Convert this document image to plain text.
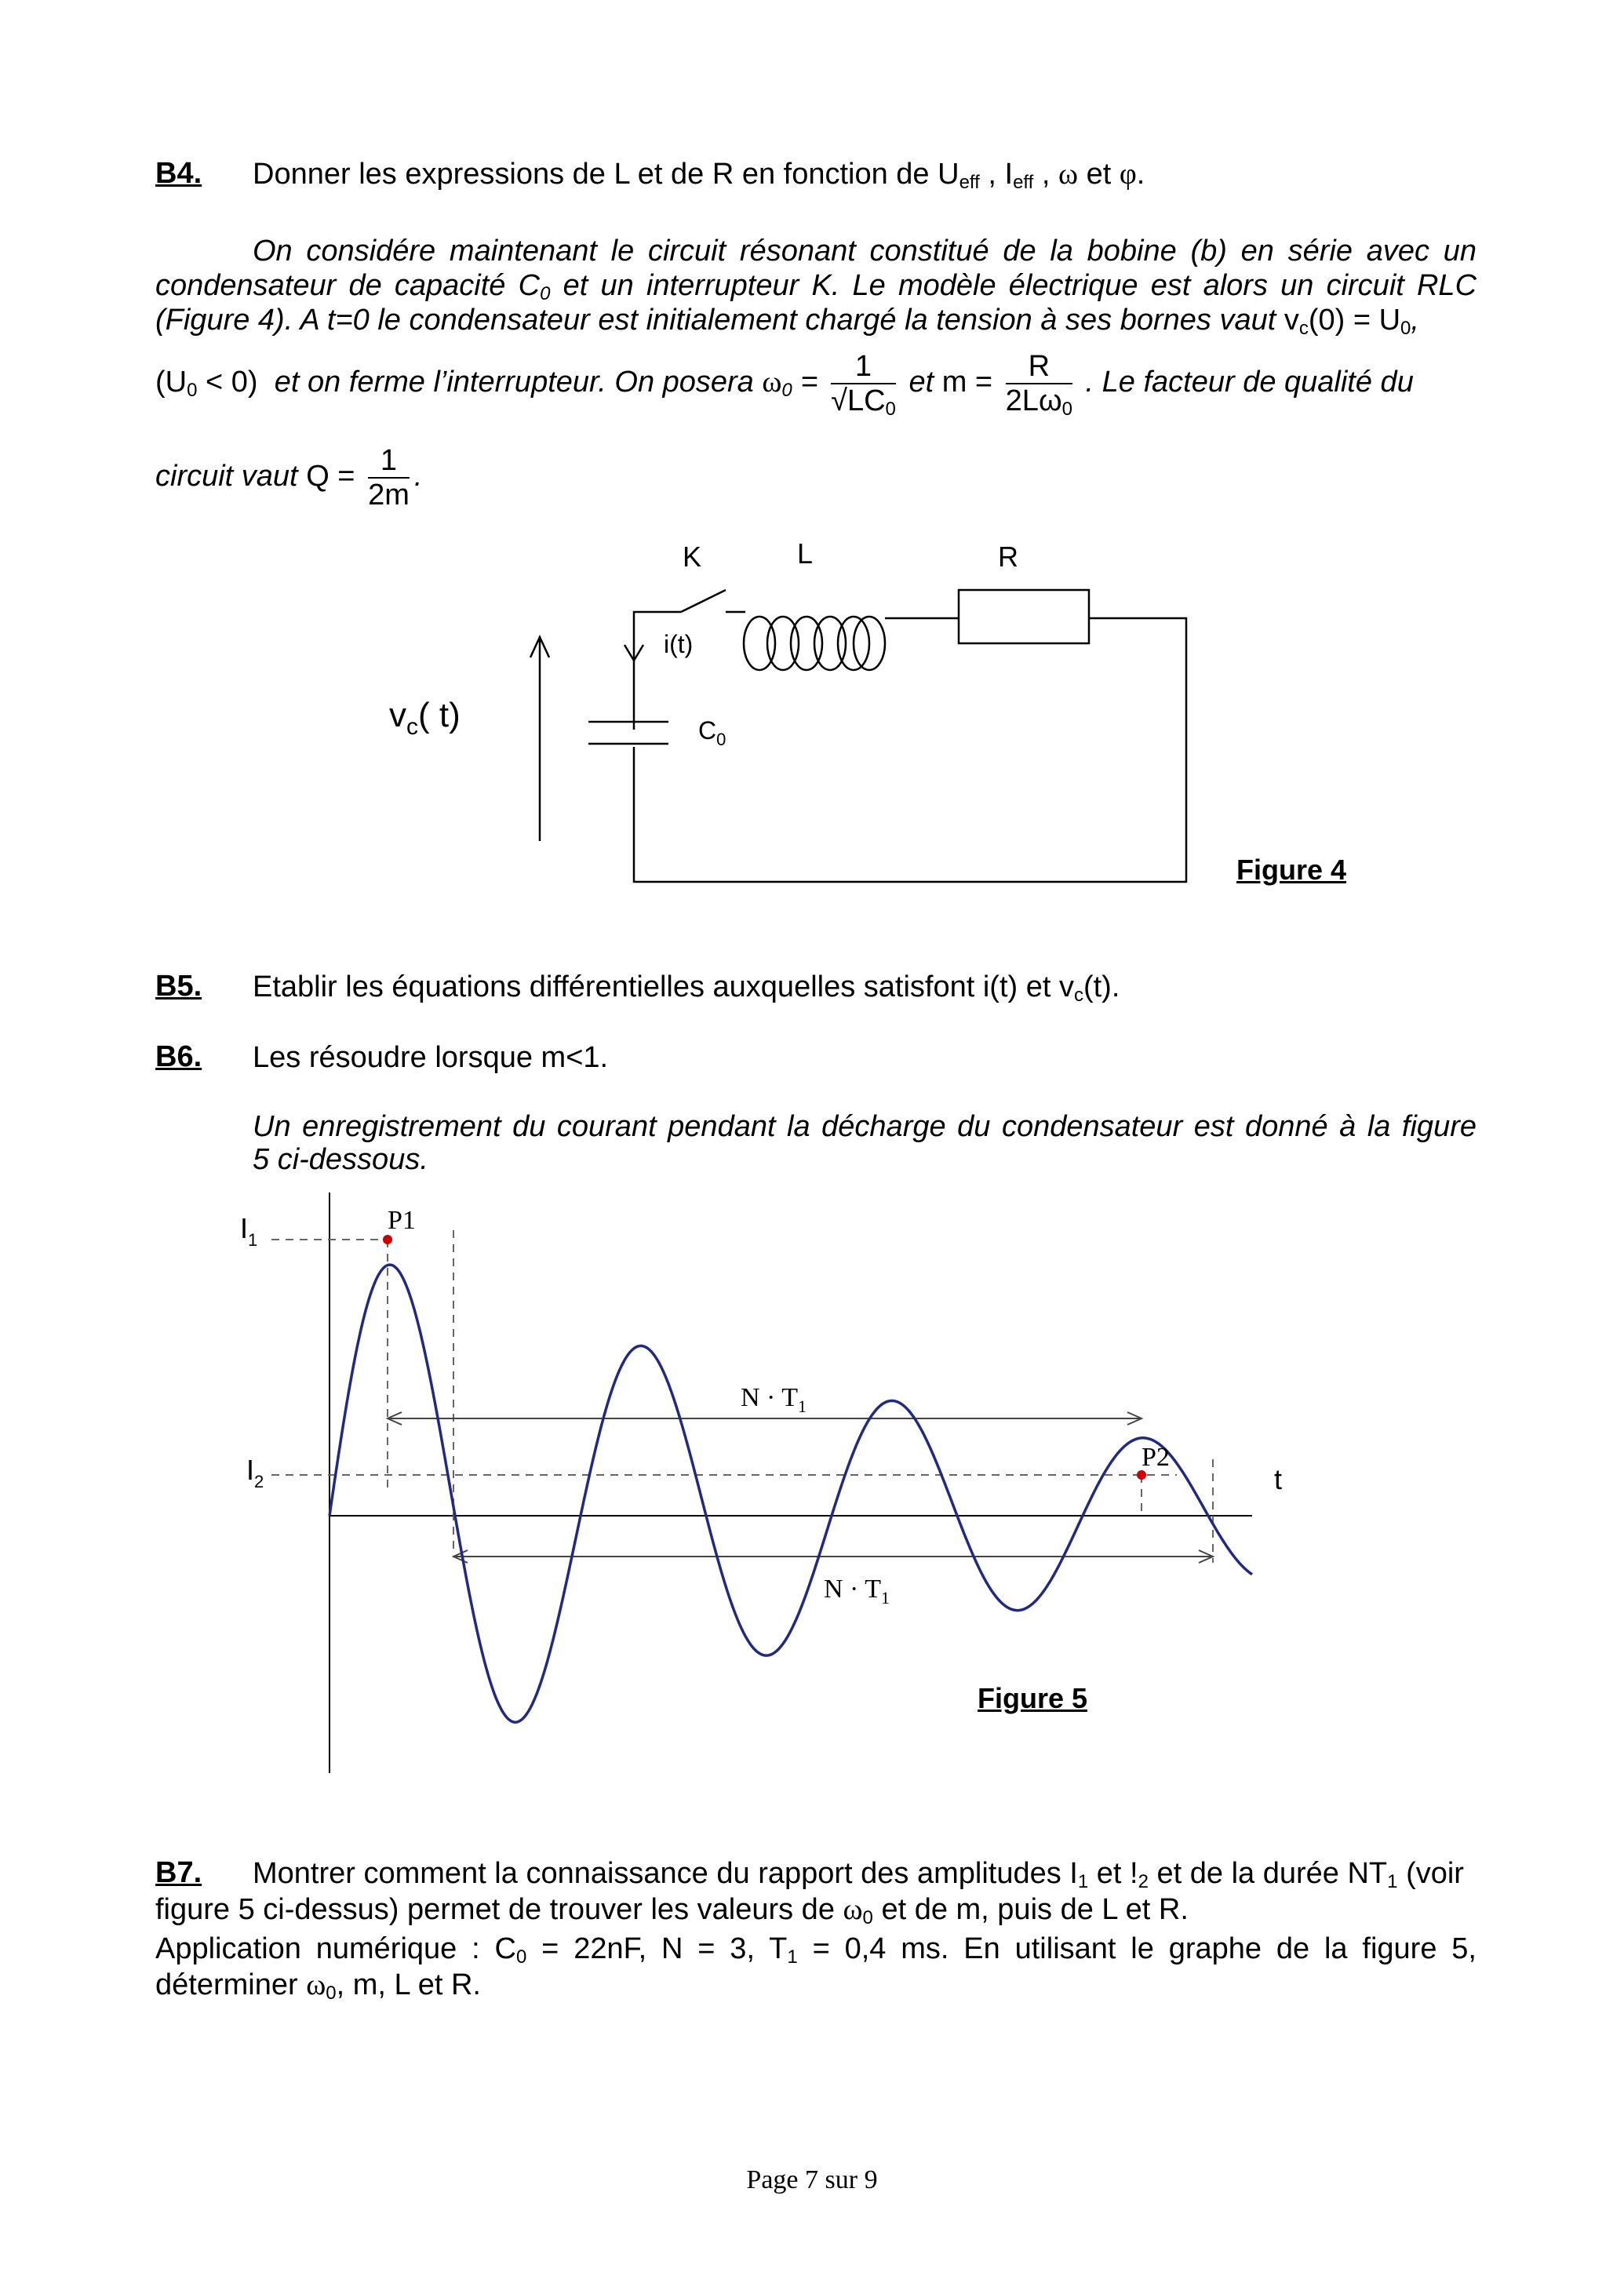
B4. Donner les expressions de L et de R en fonction de $U_{eff}$ , $I_{eff}$ , ω et φ.
On considére maintenant le circuit résonant constitué de la bobine (b) en série avec un
condensateur de capacité $C_0$ et un interrupteur K. Le modèle électrique est alors un circuit RLC
(Figure 4). A t=0 le condensateur est initialement chargé la tension à ses bornes vaut $v_c(0) = U_0$,
$(U_0 < 0)$ et on ferme l’interrupteur. On posera $\omega_0 = \frac{1}{√LC_0}$ et $m = \frac{R}{2L\omega_0}$ . Le facteur de qualité du
circuit vaut $Q = \frac{1}{2m}$ .
K	L	R
i(t)
$C_0$
$v_c$( t)
Figure 4
B5. Etablir les équations différentielles auxquelles satisfont i(t) et $v_c(t)$.
B6. Les résoudre lorsque m<1.
Un enregistrement du courant pendant la décharge du condensateur est donné à la figure
5 ci-dessous.
$I_1$
$I_2$
P1
P2
t
$N \cdot T_1$
$N \cdot T_1$
Figure 5
B7. Montrer comment la connaissance du rapport des amplitudes $I_1$ et $!_2$ et de la durée $NT_1$ (voir
figure 5 ci-dessus) permet de trouver les valeurs de $\omega_0$ et de m, puis de L et R.
Application numérique : $C_0 = 22nF$, N = 3, $T_1 = 0,4$ ms. En utilisant le graphe de la figure 5,
déterminer $\omega_0$, m, L et R.
Page 7 sur 9
